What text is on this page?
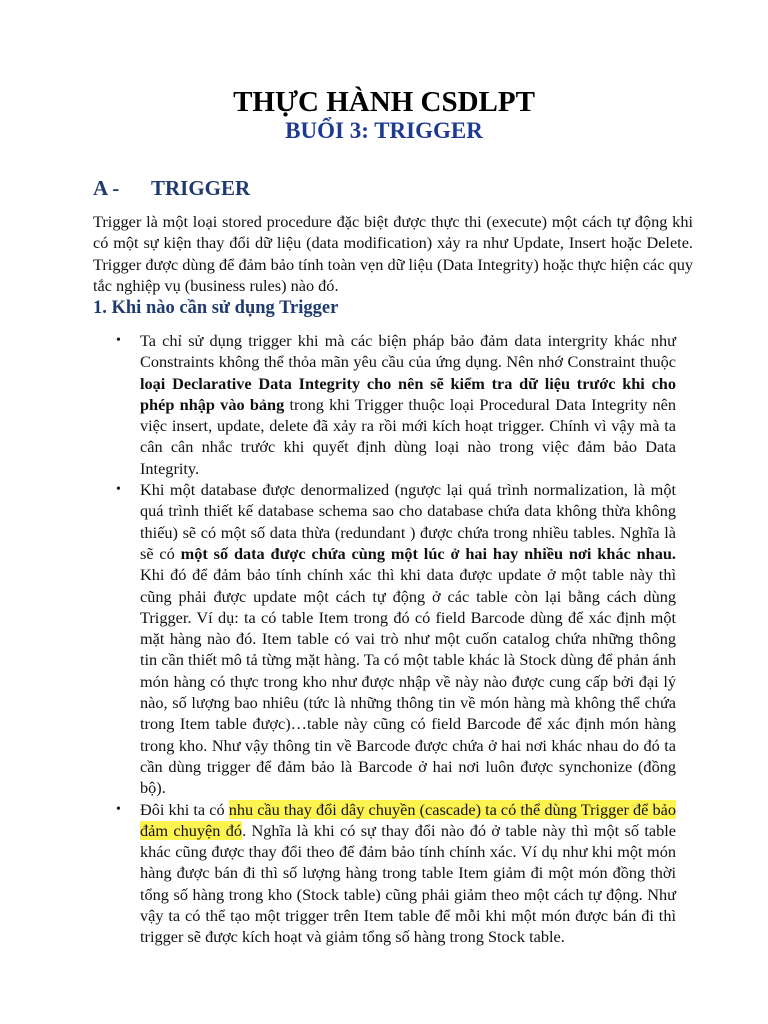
THỰC HÀNH CSDLPT
BUỔI 3: TRIGGER
A - TRIGGER
Trigger là một loại stored procedure đặc biệt được thực thi (execute) một cách tự động khi có một sự kiện thay đổi dữ liệu (data modification) xảy ra như Update, Insert hoặc Delete. Trigger được dùng để đảm bảo tính toàn vẹn dữ liệu (Data Integrity) hoặc thực hiện các quy tắc nghiệp vụ (business rules) nào đó.
1. Khi nào cần sử dụng Trigger
• Ta chỉ sử dụng trigger khi mà các biện pháp bảo đảm data intergrity khác như Constraints không thể thỏa mãn yêu cầu của ứng dụng. Nên nhớ Constraint thuộc loại Declarative Data Integrity cho nên sẽ kiểm tra dữ liệu trước khi cho phép nhập vào bảng trong khi Trigger thuộc loại Procedural Data Integrity nên việc insert, update, delete đã xảy ra rồi mới kích hoạt trigger. Chính vì vậy mà ta cân cân nhắc trước khi quyết định dùng loại nào trong việc đảm bảo Data Integrity.
• Khi một database được denormalized (ngược lại quá trình normalization, là một quá trình thiết kế database schema sao cho database chứa data không thừa không thiếu) sẽ có một số data thừa (redundant ) được chứa trong nhiều tables. Nghĩa là sẽ có một số data được chứa cùng một lúc ở hai hay nhiều nơi khác nhau. Khi đó để đảm bảo tính chính xác thì khi data được update ở một table này thì cũng phải được update một cách tự động ở các table còn lại bằng cách dùng Trigger. Ví dụ: ta có table Item trong đó có field Barcode dùng để xác định một mặt hàng nào đó. Item table có vai trò như một cuốn catalog chứa những thông tin cần thiết mô tả từng mặt hàng. Ta có một table khác là Stock dùng để phản ánh món hàng có thực trong kho như được nhập về này nào được cung cấp bởi đại lý nào, số lượng bao nhiêu (tức là những thông tin về món hàng mà không thể chứa trong Item table được)…table này cũng có field Barcode để xác định món hàng trong kho. Như vậy thông tin về Barcode được chứa ở hai nơi khác nhau do đó ta cần dùng trigger để đảm bảo là Barcode ở hai nơi luôn được synchonize (đồng bộ).
• Đôi khi ta có nhu cầu thay đổi dây chuyền (cascade) ta có thể dùng Trigger để bảo đảm chuyện đó. Nghĩa là khi có sự thay đổi nào đó ở table này thì một số table khác cũng được thay đổi theo để đảm bảo tính chính xác. Ví dụ như khi một món hàng được bán đi thì số lượng hàng trong table Item giảm đi một món đồng thời tổng số hàng trong kho (Stock table) cũng phải giảm theo một cách tự động. Như vậy ta có thể tạo một trigger trên Item table để mỗi khi một món được bán đi thì trigger sẽ được kích hoạt và giảm tổng số hàng trong Stock table.
